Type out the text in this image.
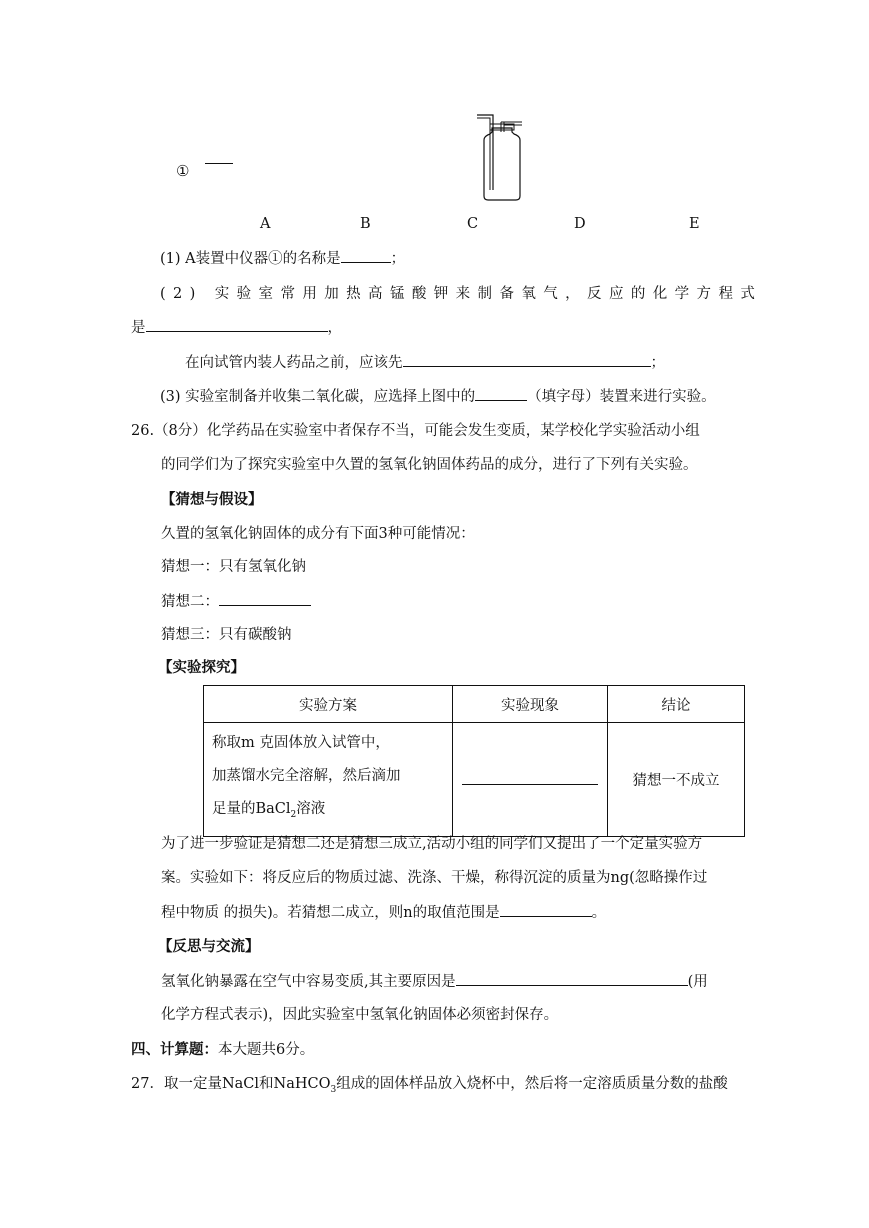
①
A	B	C	D	E
(1) A装置中仪器①的名称是	；
(2) 实验室常用加热高锰酸钾来制备氧气，反应的化学方程式
是	，
在向试管内装人药品之前，应该先	；
(3) 实验室制备并收集二氧化碳，应选择上图中的	（填字母）装置来进行实验。
26.（8分）化学药品在实验室中者保存不当，可能会发生变质，某学校化学实验活动小组
的同学们为了探究实验室中久置的氢氧化钠固体药品的成分，进行了下列有关实验。
【猜想与假设】
久置的氢氧化钠固体的成分有下面3种可能情况：
猜想一：只有氢氧化钠
猜想二：
猜想三：只有碳酸钠
【实验探究】
实验方案	实验现象	结论

称取m 克固体放入试管中，
加蒸馏水完全溶解，然后滴加
足量的BaCl$_2$溶液		猜想一不成立
为了进一步验证是猜想二还是猜想三成立,活动小组的同学们又提出了一个定量实验方
案。实验如下：将反应后的物质过滤、洗涤、干燥，称得沉淀的质量为ng(忽略操作过
程中物质 的损失)。若猜想二成立，则n的取值范围是	。
【反思与交流】
氢氧化钠暴露在空气中容易变质,其主要原因是	(用
化学方程式表示)，因此实验室中氢氧化钠固体必须密封保存。
四、计算题：本大题共6分。
27．取一定量NaCl和NaHCO$_3$组成的固体样品放入烧杯中，然后将一定溶质质量分数的盐酸
